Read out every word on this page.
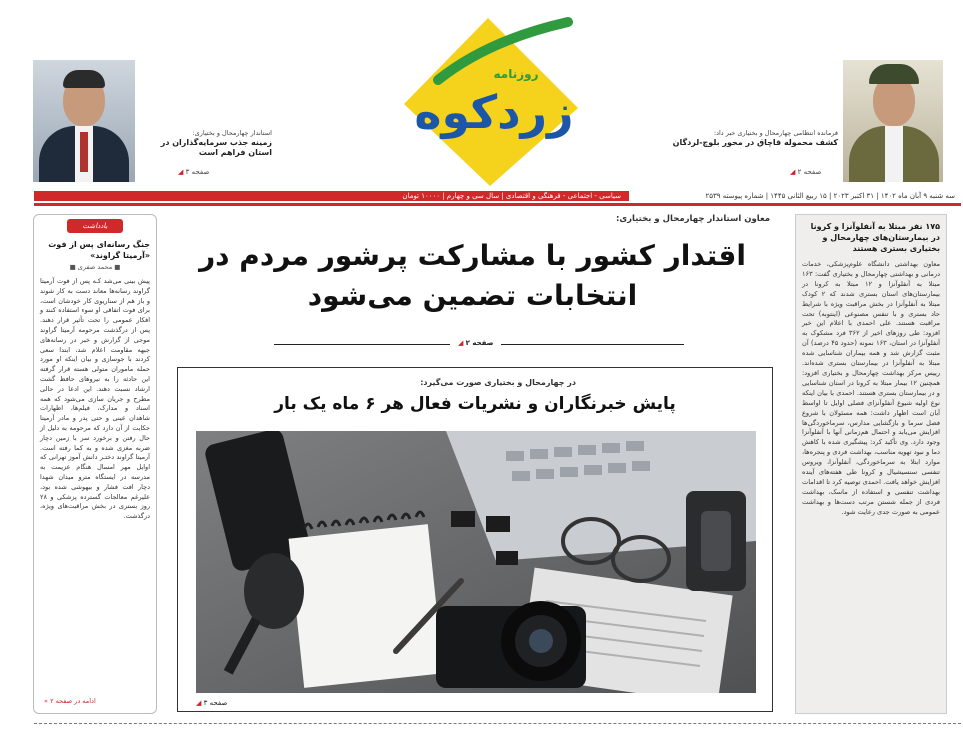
استاندار چهارمحال و بختیاری:
زمینه جذب سرمایه‌گذاران در استان فراهم است
صفحه ۳ ◢
زردکوه
روزنامه
فرمانده انتظامی چهارمحال و بختیاری خبر داد:
کشف محموله قاچاق در محور بلوچ-لردگان
صفحه ۲ ◢
سه شنبه ۹ آبان ماه ۱۴۰۲ | ۳۱ اکتبر ۲۰۲۳ | ۱۵ ربیع الثانی ۱۴۴۵ | شماره پیوسته ۲۵۳۹
سیاسی - اجتماعی - فرهنگی و اقتصادی | سال سی و چهارم | ۱۰۰۰۰ تومان
۱۷۵ نفر مبتلا به آنفلوآنزا و کرونا در بیمارستان‌های چهارمحال و بختیاری بستری هستند
معاون بهداشتی دانشگاه علوم‌پزشکی، خدمات درمانی و بهداشتی چهارمحال و بختیاری گفت: ۱۶۳ مبتلا به آنفلوآنزا و ۱۲ مبتلا به کرونا در بیمارستان‌های استان بستری شدند که ۲ کودک مبتلا به آنفلوآنزا در بخش مراقبت ویژه با شرایط حاد بستری و با تنفس مصنوعی (اینتوبه) تحت مراقبت هستند. علی احمدی با اعلام این خبر افزود: طی روزهای اخیر از ۳۶۲ فرد مشکوک به آنفلوآنزا در استان، ۱۶۳ نمونه (حدود ۴۵ درصد) آن مثبت گزارش شد و همه بیماران شناسایی شده مبتلا به آنفلوآنزا در بیمارستان بستری شده‌اند. رییس مرکز بهداشت چهارمحال و بختیاری افزود: همچنین ۱۲ بیمار مبتلا به کرونا در استان شناسایی و در بیمارستان بستری هستند. احمدی با بیان اینکه نوع اولیه شیوع آنفلوآنزای فصلی اوایل تا اواسط آبان است اظهار داشت: همه مسئولان با شروع فصل سرما و بازگشایی مدارس، سرماخوردگی‌ها افزایش می‌یابد و احتمال هم‌زمانی آنها با آنفلوآنزا وجود دارد. وی تأکید کرد: پیشگیری شده با کاهش دما و نبود تهویه مناسب، بهداشت فردی و پنجره‌ها، موارد ابتلا به سرماخوردگی، آنفلوآنزا، ویروس تنفسی سنسیشیال و کرونا طی هفته‌های آینده افزایش خواهد یافت. احمدی توصیه کرد تا اقدامات بهداشت تنفسی و استفاده از ماسک، بهداشت فردی از جمله شستن مرتب دست‌ها و بهداشت عمومی به صورت جدی رعایت شود.
یادداشت
جنگ رسانه‌ای پس از فوت «آرمیتا گراوند»
■ محمد صفری ■
پیش بینی می‌شد کـه پس از فوت آرمیتا گراوند رسانه‌ها معاند دست به کار شوند و باز هم از سناریوی کار خودشان است، برای فوت اتفاقی او سوء استفاده کنند و افکار عمومی را تحت تأثیر قرار دهند. پس از درگذشت مرحومه آرمیتا گراوند موجی از گزارش و خبر در رسانه‌های جبهه مقاومت اعلام شد، ابتدا سعی کردند با جوسازی و بیان اینکه او مورد حمله ماموران متولی هسته قرار گرفته این حادثه را به نیروهای حافظ گشت ارشاد نسبت دهند. این ادعا در حالی مطرح و جریان سازی می‌شود که همه اسناد و مدارک، فیلم‌ها، اظهارات شاهدان عینی و حتی پدر و مادر آرمیتا حکایت از آن دارد که مرحومه به دلیل از حال رفتن و برخورد سر با زمین دچار ضربه مغزی شده و به کما رفته است. آرمیتا گراوند دختـر دانش آموز تهرانی که اوایل مهر امسال هنگام عزیمت به مدرسه در ایستگاه مترو میدان شهدا دچار افت فشار و بیهوشی شده بود، علیرغم معالجات گسترده پزشکی و ۲۸ روز بستری در بخش مراقبت‌های ویژه، درگذشت.
ادامه در صفحه ۲ »
معاون استاندار چهارمحال و بختیاری:
اقتدار کشور با مشارکت پرشور مردم در
انتخابات تضمین می‌شود
صفحه ۲ ◢
در چهارمحال و بختیاری صورت می‌گیرد:
پایش خبرنگاران و نشریات فعال هر ۶ ماه یک بار
صفحه ۳ ◢
